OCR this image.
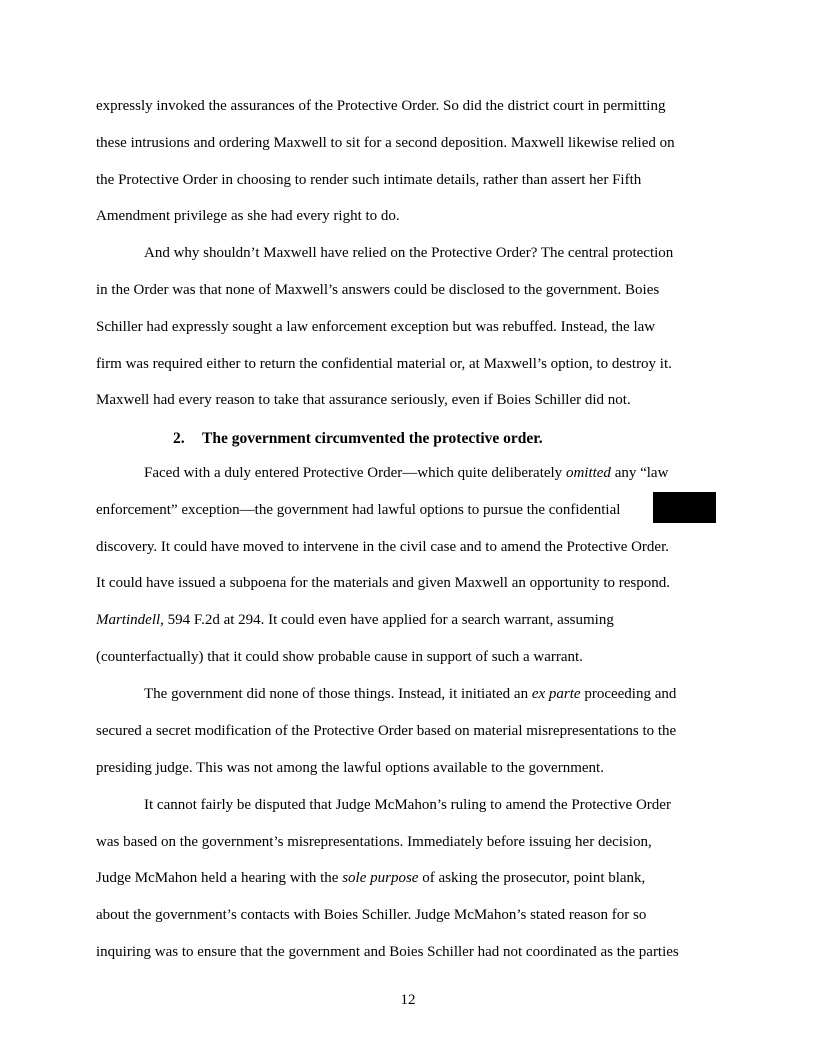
expressly invoked the assurances of the Protective Order. So did the district court in permitting
these intrusions and ordering Maxwell to sit for a second deposition. Maxwell likewise relied on
the Protective Order in choosing to render such intimate details, rather than assert her Fifth
Amendment privilege as she had every right to do.
And why shouldn’t Maxwell have relied on the Protective Order? The central protection
in the Order was that none of Maxwell’s answers could be disclosed to the government. Boies
Schiller had expressly sought a law enforcement exception but was rebuffed. Instead, the law
firm was required either to return the confidential material or, at Maxwell’s option, to destroy it.
Maxwell had every reason to take that assurance seriously, even if Boies Schiller did not.
2. The government circumvented the protective order.
Faced with a duly entered Protective Order—which quite deliberately omitted any “law
enforcement” exception—the government had lawful options to pursue the confidential
discovery. It could have moved to intervene in the civil case and to amend the Protective Order.
It could have issued a subpoena for the materials and given Maxwell an opportunity to respond.
Martindell, 594 F.2d at 294. It could even have applied for a search warrant, assuming
(counterfactually) that it could show probable cause in support of such a warrant.
The government did none of those things. Instead, it initiated an ex parte proceeding and
secured a secret modification of the Protective Order based on material misrepresentations to the
presiding judge. This was not among the lawful options available to the government.
It cannot fairly be disputed that Judge McMahon’s ruling to amend the Protective Order
was based on the government’s misrepresentations. Immediately before issuing her decision,
Judge McMahon held a hearing with the sole purpose of asking the prosecutor, point blank,
about the government’s contacts with Boies Schiller. Judge McMahon’s stated reason for so
inquiring was to ensure that the government and Boies Schiller had not coordinated as the parties
12
